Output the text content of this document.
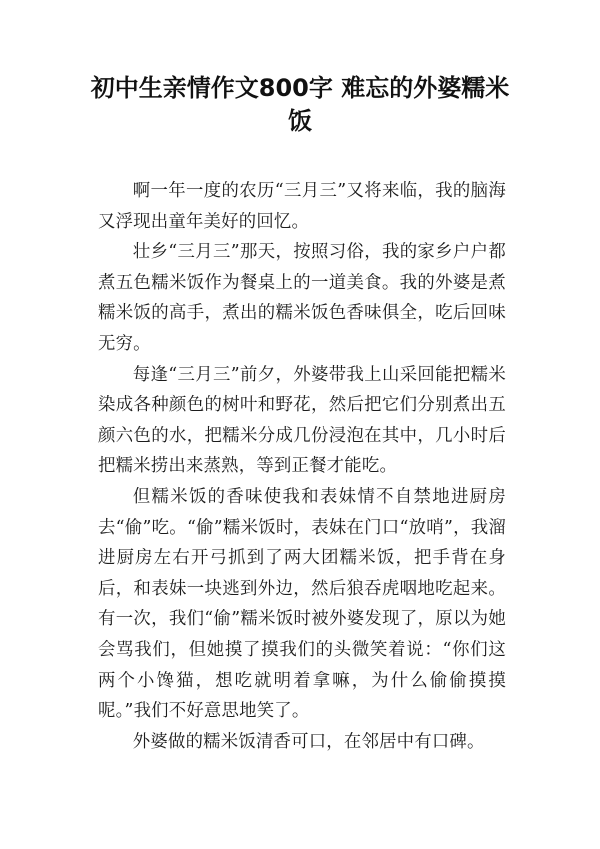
初中生亲情作文800字 难忘的外婆糯米饭

啊一年一度的农历“三月三”又将来临，我的脑海又浮现出童年美好的回忆。

壮乡“三月三”那天，按照习俗，我的家乡户户都煮五色糯米饭作为餐桌上的一道美食。我的外婆是煮糯米饭的高手，煮出的糯米饭色香味俱全，吃后回味无穷。

每逢“三月三”前夕，外婆带我上山采回能把糯米染成各种颜色的树叶和野花，然后把它们分别煮出五颜六色的水，把糯米分成几份浸泡在其中，几小时后把糯米捞出来蒸熟，等到正餐才能吃。

但糯米饭的香味使我和表妹情不自禁地进厨房去“偷”吃。“偷”糯米饭时，表妹在门口“放哨”，我溜进厨房左右开弓抓到了两大团糯米饭，把手背在身后，和表妹一块逃到外边，然后狼吞虎咽地吃起来。有一次，我们“偷”糯米饭时被外婆发现了，原以为她会骂我们，但她摸了摸我们的头微笑着说：“你们这两个小馋猫，想吃就明着拿嘛，为什么偷偷摸摸呢。”我们不好意思地笑了。

外婆做的糯米饭清香可口，在邻居中有口碑。
